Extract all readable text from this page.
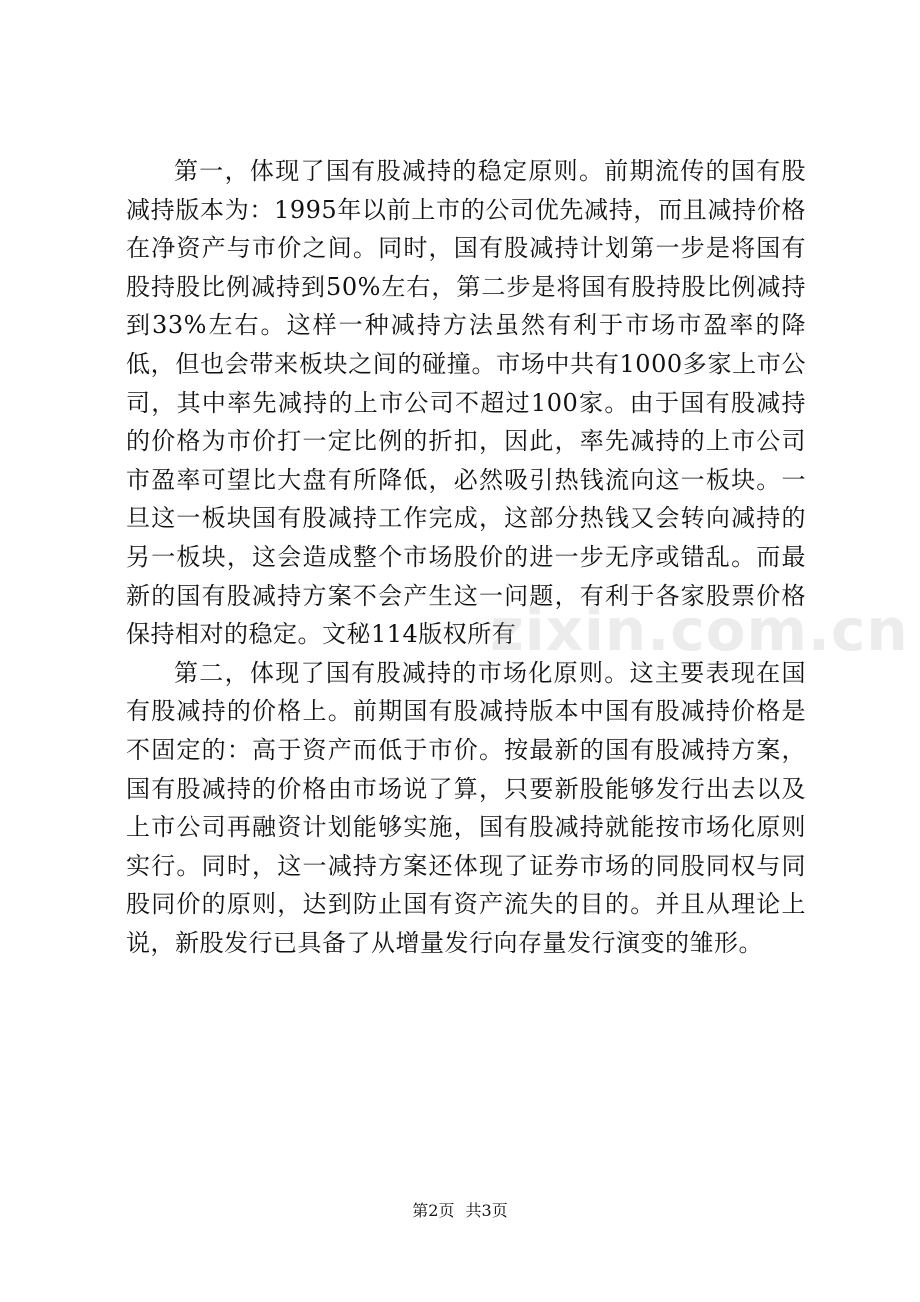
第一，体现了国有股减持的稳定原则。前期流传的国有股减持版本为：1995年以前上市的公司优先减持，而且减持价格在净资产与市价之间。同时，国有股减持计划第一步是将国有股持股比例减持到50%左右，第二步是将国有股持股比例减持到33%左右。这样一种减持方法虽然有利于市场市盈率的降低，但也会带来板块之间的碰撞。市场中共有1000多家上市公司，其中率先减持的上市公司不超过100家。由于国有股减持的价格为市价打一定比例的折扣，因此，率先减持的上市公司市盈率可望比大盘有所降低，必然吸引热钱流向这一板块。一旦这一板块国有股减持工作完成，这部分热钱又会转向减持的另一板块，这会造成整个市场股价的进一步无序或错乱。而最新的国有股减持方案不会产生这一问题，有利于各家股票价格保持相对的稳定。文秘114版权所有

第二，体现了国有股减持的市场化原则。这主要表现在国有股减持的价格上。前期国有股减持版本中国有股减持价格是不固定的：高于资产而低于市价。按最新的国有股减持方案，国有股减持的价格由市场说了算，只要新股能够发行出去以及上市公司再融资计划能够实施，国有股减持就能按市场化原则实行。同时，这一减持方案还体现了证券市场的同股同权与同股同价的原则，达到防止国有资产流失的目的。并且从理论上说，新股发行已具备了从增量发行向存量发行演变的雏形。

zixin.com.cn
第2页 共3页
